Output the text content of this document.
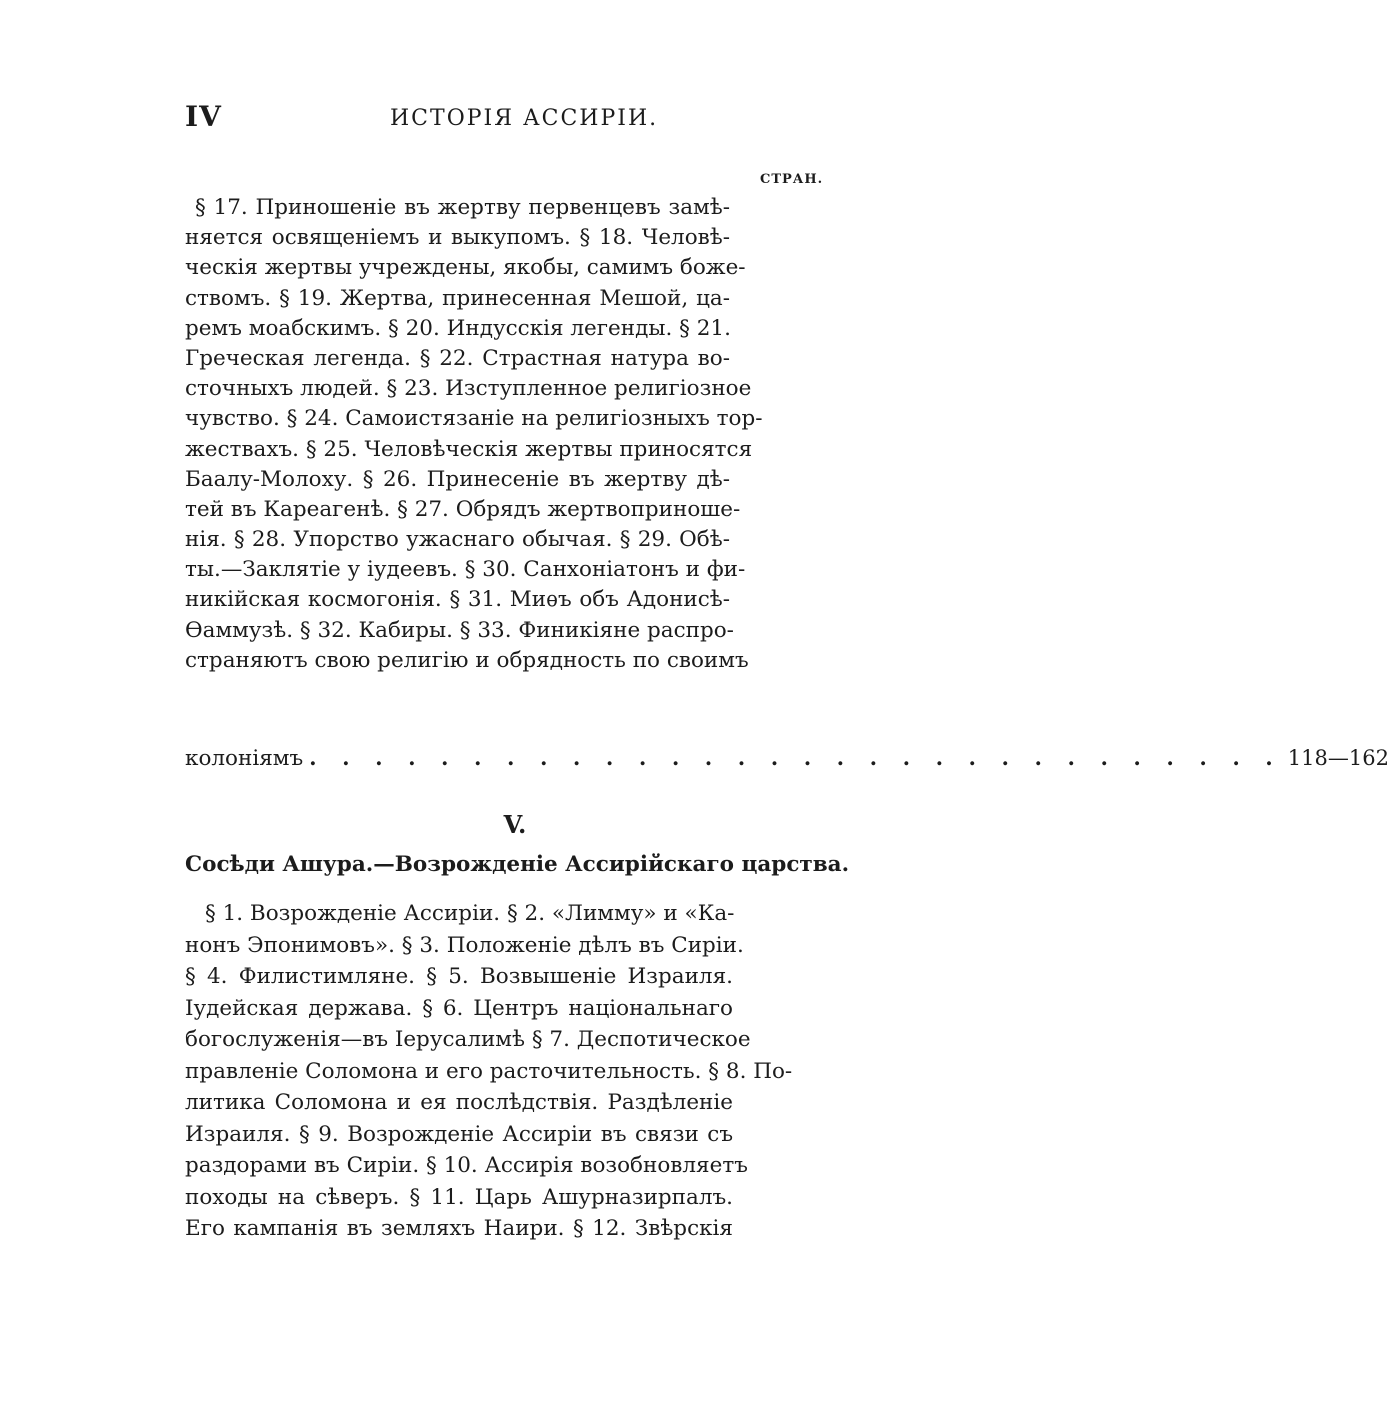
IV	ИСТОРІЯ АССИРІИ.
СТРАН.
§ 17. Приношеніе въ жертву первенцевъ замѣ-
няется освященіемъ и выкупомъ. § 18. Человѣ-
ческія жертвы учреждены, якобы, самимъ боже-
ствомъ. § 19. Жертва, принесенная Мешой, ца-
ремъ моабскимъ. § 20. Индусскія легенды. § 21.
Греческая легенда. § 22. Страстная натура во-
сточныхъ людей. § 23. Изступленное религіозное
чувство. § 24. Самоистязаніе на религіозныхъ тор-
жествахъ. § 25. Человѣческія жертвы приносятся
Баалу-Молоху. § 26. Принесеніе въ жертву дѣ-
тей въ Кареагенѣ. § 27. Обрядъ жертвоприноше-
нія. § 28. Упорство ужаснаго обычая. § 29. Обѣ-
ты.—Заклятіе у іудеевъ. § 30. Санхоніатонъ и фи-
никійская космогонія. § 31. Миѳъ объ Адонисѣ-
Ѳаммузѣ. § 32. Кабиры. § 33. Финикіяне распро-
страняютъ свою религію и обрядность по своимъ
колоніямъ . . . . . . . . . . . . . . . . . . . . . . . . . . . . . . 118—162
V.
Сосѣди Ашура.—Возрожденіе Ассирійскаго царства.
§ 1. Возрожденіе Ассиріи. § 2. «Лимму» и «Ка-
нонъ Эпонимовъ». § 3. Положеніе дѣлъ въ Сиріи.
§ 4. Филистимляне. § 5. Возвышеніе Израиля.
Іудейская держава. § 6. Центръ національнаго
богослуженія—въ Іерусалимѣ § 7. Деспотическое
правленіе Соломона и его расточительность. § 8. По-
литика Соломона и ея послѣдствія. Раздѣленіе
Израиля. § 9. Возрожденіе Ассиріи въ связи съ
раздорами въ Сиріи. § 10. Ассирія возобновляетъ
походы на сѣверъ. § 11. Царь Ашурназирпалъ.
Его кампанія въ земляхъ Наири. § 12. Звѣрскія
